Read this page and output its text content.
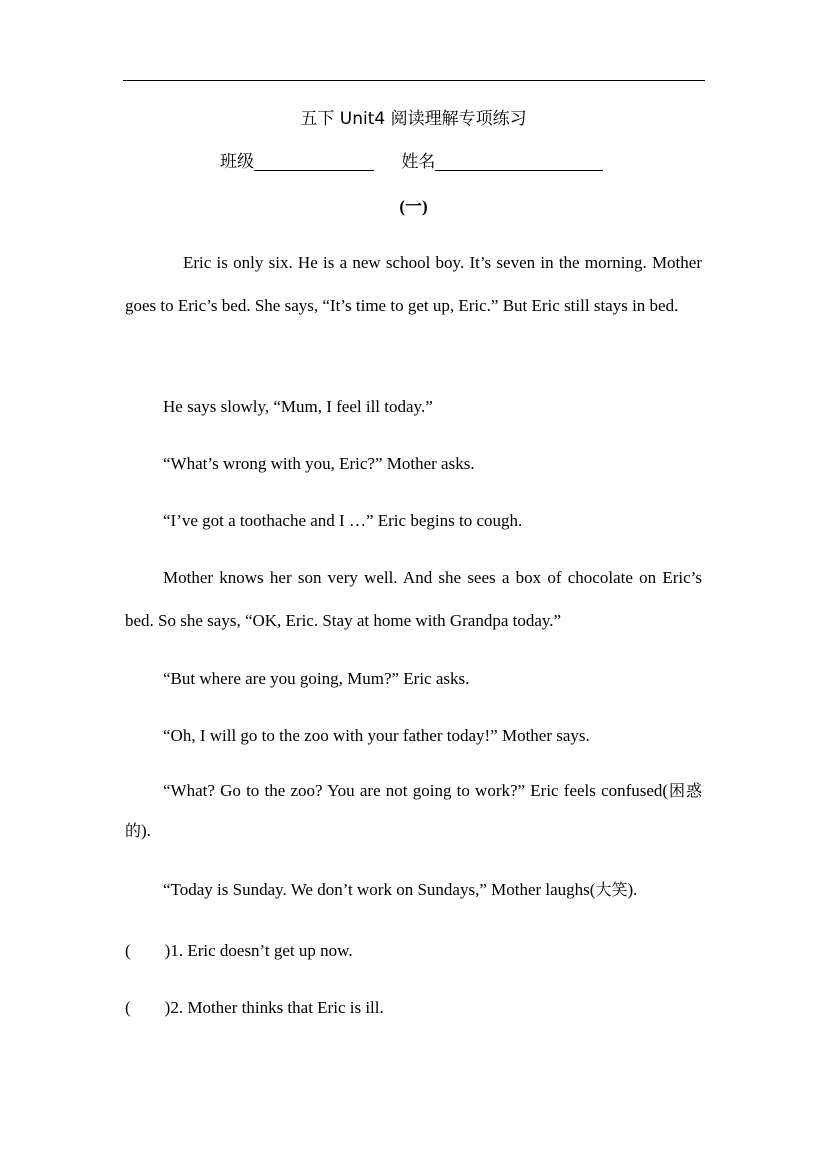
五下 Unit4 阅读理解专项练习
班级	姓名
(一)

Eric is only six. He is a new school boy. It’s seven in the morning. Mother goes to Eric’s bed. She says, “It’s time to get up, Eric.” But Eric still stays in bed.

He says slowly, “Mum, I feel ill today.”

“What’s wrong with you, Eric?” Mother asks.

“I’ve got a toothache and I …” Eric begins to cough.

Mother knows her son very well. And she sees a box of chocolate on Eric’s bed. So she says, “OK, Eric. Stay at home with Grandpa today.”

“But where are you going, Mum?” Eric asks.

“Oh, I will go to the zoo with your father today!” Mother says.

“What? Go to the zoo? You are not going to work?” Eric feels confused(困惑的).

“Today is Sunday. We don’t work on Sundays,” Mother laughs(大笑).

(        )1. Eric doesn’t get up now.
(        )2. Mother thinks that Eric is ill.
